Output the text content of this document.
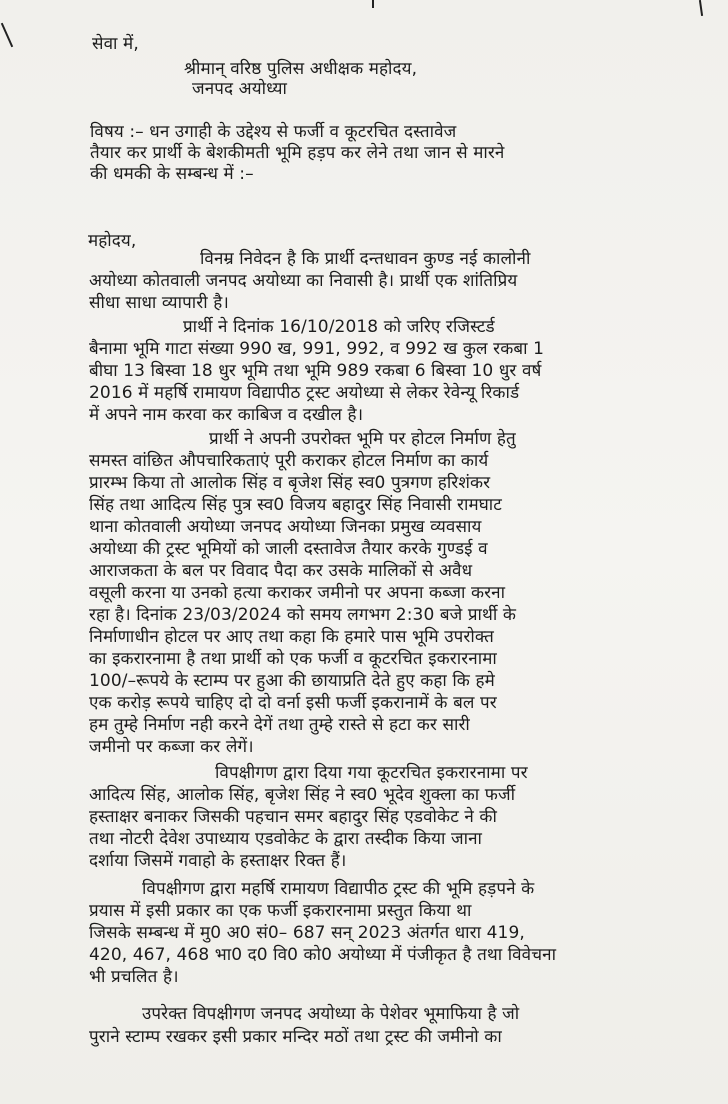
सेवा में,
श्रीमान् वरिष्ठ पुलिस अधीक्षक महोदय,
जनपद अयोध्या
विषय :– धन उगाही के उद्देश्य से फर्जी व कूटरचित दस्तावेज
तैयार कर प्रार्थी के बेशकीमती भूमि हड़प कर लेने तथा जान से मारने
की धमकी के सम्बन्ध में :–
महोदय,
विनम्र निवेदन है कि प्रार्थी दन्तधावन कुण्ड नई कालोनी
अयोध्या कोतवाली जनपद अयोध्या का निवासी है। प्रार्थी एक शांतिप्रिय
सीधा साधा व्यापारी है।
प्रार्थी ने दिनांक 16/10/2018 को जरिए रजिस्टर्ड
बैनामा भूमि गाटा संख्या 990 ख, 991, 992, व 992 ख कुल रकबा 1
बीघा 13 बिस्वा 18 धुर भूमि तथा भूमि 989 रकबा 6 बिस्वा 10 धुर वर्ष
2016 में महर्षि रामायण विद्यापीठ ट्रस्ट अयोध्या से लेकर रेवेन्यू रिकार्ड
में अपने नाम करवा कर काबिज व दखील है।
प्रार्थी ने अपनी उपरोक्त भूमि पर होटल निर्माण हेतु
समस्त वांछित औपचारिकताएं पूरी कराकर होटल निर्माण का कार्य
प्रारम्भ किया तो आलोक सिंह व बृजेश सिंह स्व0 पुत्रगण हरिशंकर
सिंह तथा आदित्य सिंह पुत्र स्व0 विजय बहादुर सिंह निवासी रामघाट
थाना कोतवाली अयोध्या जनपद अयोध्या जिनका प्रमुख व्यवसाय
अयोध्या की ट्रस्ट भूमियों को जाली दस्तावेज तैयार करके गुण्डई व
आराजकता के बल पर विवाद पैदा कर उसके मालिकों से अवैध
वसूली करना या उनको हत्या कराकर जमीनो पर अपना कब्जा करना
रहा है। दिनांक 23/03/2024 को समय लगभग 2:30 बजे प्रार्थी के
निर्माणाधीन होटल पर आए तथा कहा कि हमारे पास भूमि उपरोक्त
का इकरारनामा है तथा प्रार्थी को एक फर्जी व कूटरचित इकरारनामा
100/–रूपये के स्टाम्प पर हुआ की छायाप्रति देते हुए कहा कि हमे
एक करोड़ रूपये चाहिए दो दो वर्ना इसी फर्जी इकरानामें के बल पर
हम तुम्हे निर्माण नही करने देगें तथा तुम्हे रास्ते से हटा कर सारी
जमीनो पर कब्जा कर लेगें।
विपक्षीगण द्वारा दिया गया कूटरचित इकरारनामा पर
आदित्य सिंह, आलोक सिंह, बृजेश सिंह ने स्व0 भूदेव शुक्ला का फर्जी
हस्ताक्षर बनाकर जिसकी पहचान समर बहादुर सिंह एडवोकेट ने की
तथा नोटरी देवेश उपाध्याय एडवोकेट के द्वारा तस्दीक किया जाना
दर्शाया जिसमें गवाहो के हस्ताक्षर रिक्त हैं।
विपक्षीगण द्वारा महर्षि रामायण विद्यापीठ ट्रस्ट की भूमि हड़पने के
प्रयास में इसी प्रकार का एक फर्जी इकरारनामा प्रस्तुत किया था
जिसके सम्बन्ध में मु0 अ0 सं0– 687 सन् 2023 अंतर्गत धारा 419,
420, 467, 468 भा0 द0 वि0 को0 अयोध्या में पंजीकृत है तथा विवेचना
भी प्रचलित है।
उपरेक्त विपक्षीगण जनपद अयोध्या के पेशेवर भूमाफिया है जो
पुराने स्टाम्प रखकर इसी प्रकार मन्दिर मठों तथा ट्रस्ट की जमीनो का
